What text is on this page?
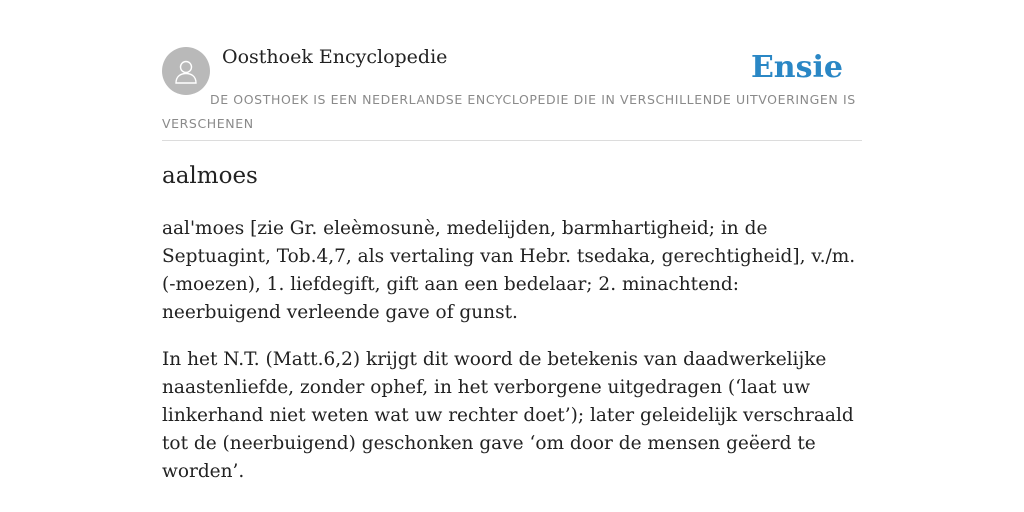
Oosthoek Encyclopedie	Ensie
DE OOSTHOEK IS EEN NEDERLANDSE ENCYCLOPEDIE DIE IN VERSCHILLENDE UITVOERINGEN IS VERSCHENEN
aalmoes

aal'moes [zie Gr. eleèmosunè, medelijden, barmhartigheid; in de Septuagint, Tob.4,7, als vertaling van Hebr. tsedaka, gerechtigheid], v./m. (-moezen), 1. liefdegift, gift aan een bedelaar; 2. minachtend: neerbuigend verleende gave of gunst.

In het N.T. (Matt.6,2) krijgt dit woord de betekenis van daadwerkelijke naastenliefde, zonder ophef, in het verborgene uitgedragen (‘laat uw linkerhand niet weten wat uw rechter doet’); later geleidelijk verschraald tot de (neerbuigend) geschonken gave ‘om door de mensen geëerd te worden’.
